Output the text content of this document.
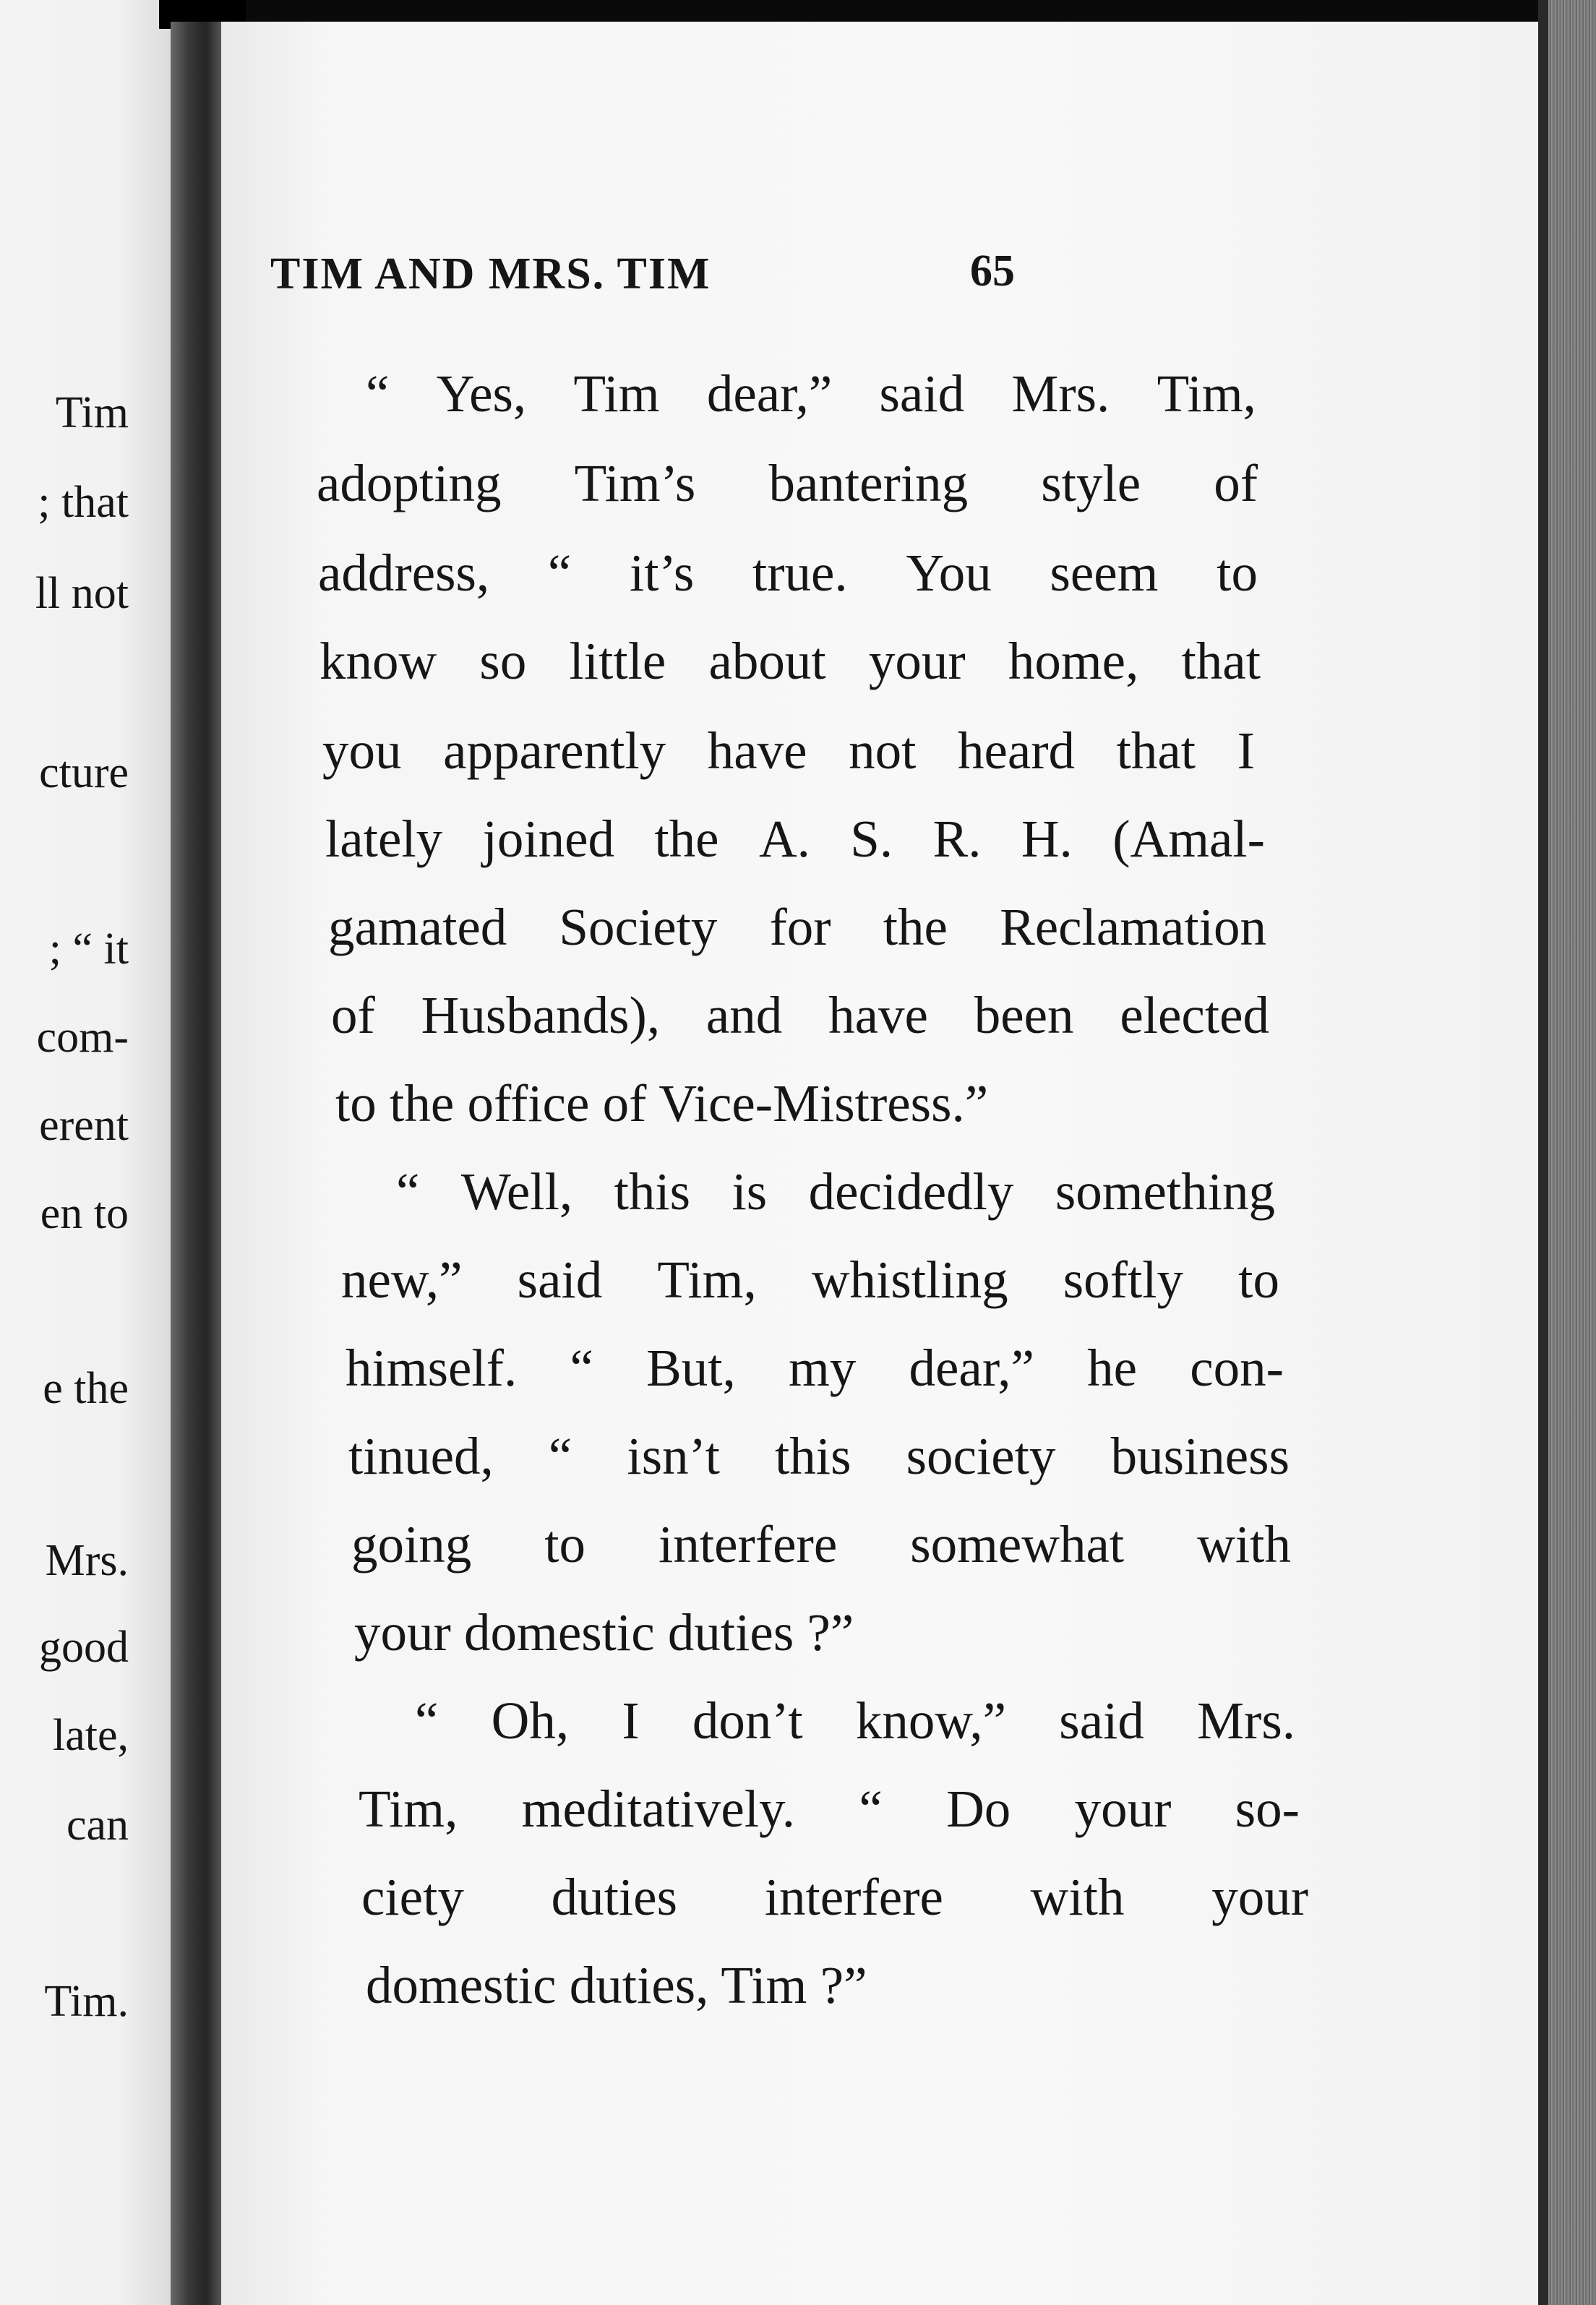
Tim
; that
ll not
cture
; “ it
com-
erent
en to
e the
Mrs.
good
late,
can
Tim.
TIM AND MRS. TIM	65
“ Yes, Tim dear,” said Mrs. Tim,
adopting Tim’s bantering style of
address, “ it’s true. You seem to
know so little about your home, that
you apparently have not heard that I
lately joined the A. S. R. H. (Amal-
gamated Society for the Reclamation
of Husbands), and have been elected
to the office of Vice-Mistress.”
“ Well, this is decidedly something
new,” said Tim, whistling softly to
himself. “ But, my dear,” he con-
tinued, “ isn’t this society business
going to interfere somewhat with
your domestic duties ?”
“ Oh, I don’t know,” said Mrs.
Tim, meditatively. “ Do your so-
ciety duties interfere with your
domestic duties, Tim ?”
